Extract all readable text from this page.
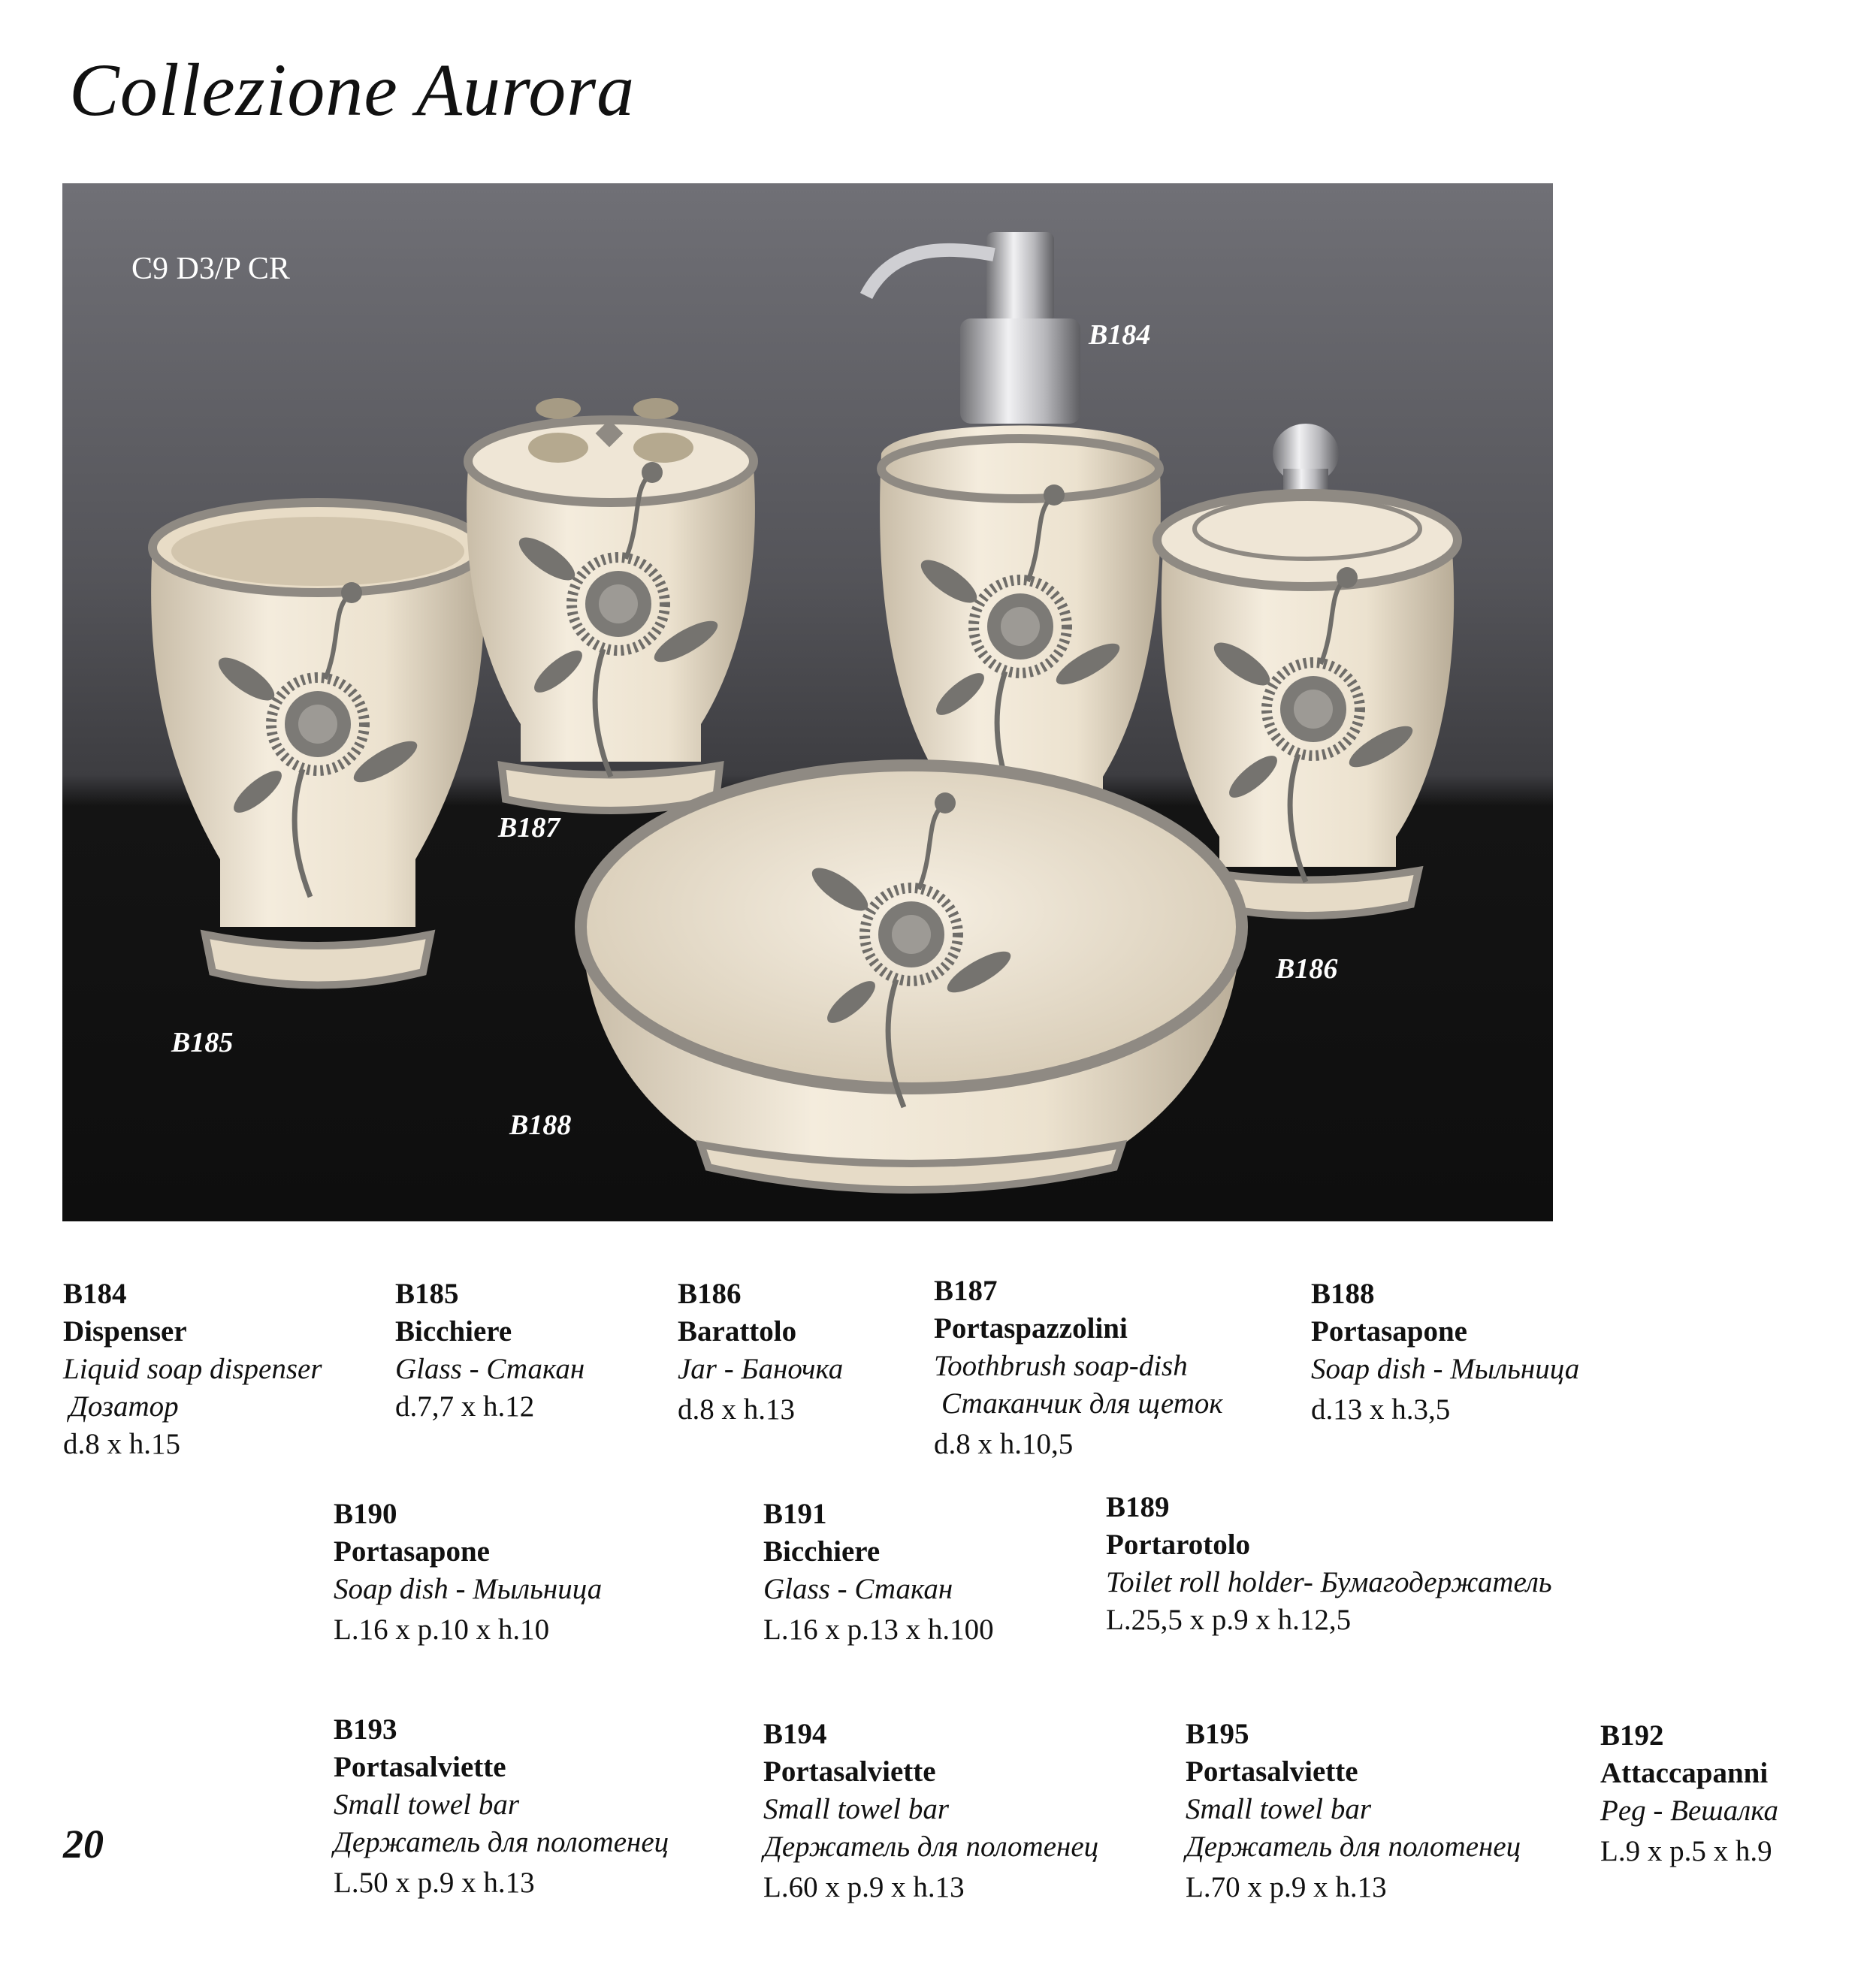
Collezione Aurora
C9 D3/P CR
B184
B187
B186
B185
B188
B184
Dispenser
Liquid soap dispenser
Дозатор
d.8 x h.15
B185
Bicchiere
Glass - Стакан
d.7,7 x h.12
B186
Barattolo
Jar - Баночка
d.8 x h.13
B187
Portaspazzolini
Toothbrush soap-dish
Стаканчик для щеток
d.8 x h.10,5
B188
Portasapone
Soap dish - Мыльница
d.13 x h.3,5
B190
Portasapone
Soap dish - Мыльница
L.16 x p.10 x h.10
B191
Bicchiere
Glass - Стакан
L.16 x p.13 x h.100
B189
Portarotolo
Toilet roll holder- Бумагодержатель
L.25,5 x p.9 x h.12,5
B193
Portasalviette
Small towel bar
Держатель для полотенец
L.50 x p.9 x h.13
B194
Portasalviette
Small towel bar
Держатель для полотенец
L.60 x p.9 x h.13
B195
Portasalviette
Small towel bar
Держатель для полотенец
L.70 x p.9 x h.13
B192
Attaccapanni
Peg - Вешалка
L.9 x p.5 x h.9
20
